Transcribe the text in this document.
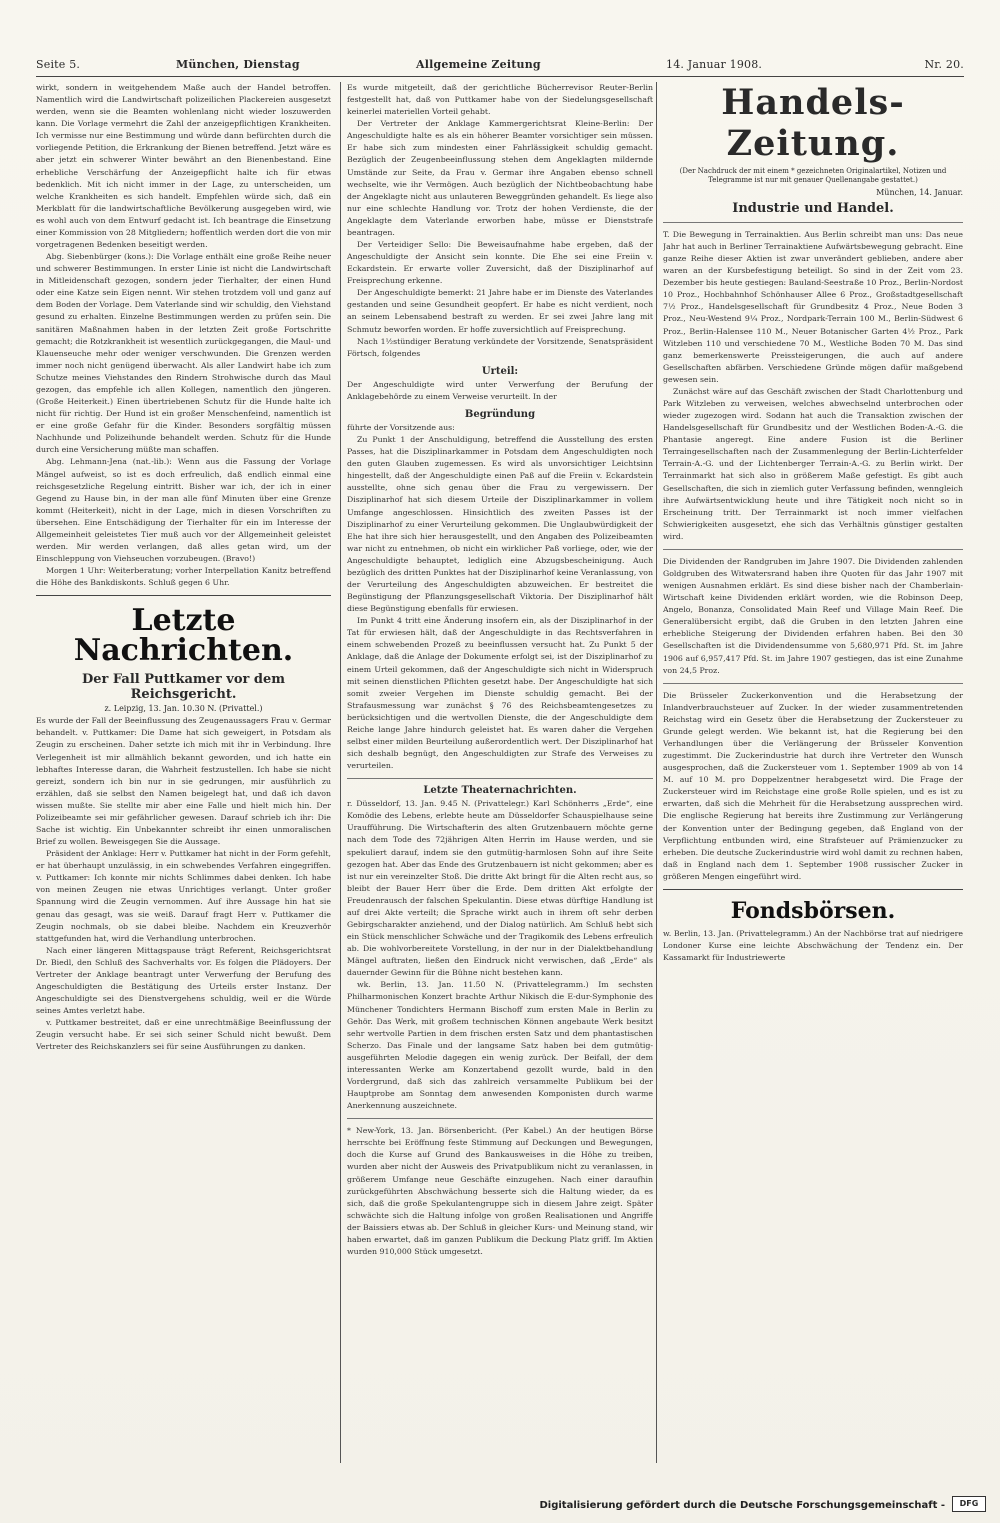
Seite 5.	München, Dienstag	Allgemeine Zeitung	14. Januar 1908.	Nr. 20.

wirkt, sondern in weitgehendem Maße auch der Handel betroffen. Namentlich wird die Landwirtschaft polizeilichen Plackereien ausgesetzt werden, wenn sie die Beamten wohlenlang nicht wieder loszuwerden kann. Die Vorlage vermehrt die Zahl der anzeigepflichtigen Krankheiten. Ich vermisse nur eine Bestimmung und würde dann befürchten durch die vorliegende Petition, die Erkrankung der Bienen betreffend. Jetzt wäre es aber jetzt ein schwerer Winter bewährt an den Bienenbestand. Eine erhebliche Verschärfung der Anzeigepflicht halte ich für etwas bedenklich. Mit ich nicht immer in der Lage, zu unterscheiden, um welche Krankheiten es sich handelt. Empfehlen würde sich, daß ein Merkblatt für die landwirtschaftliche Bevölkerung ausgegeben wird, wie es wohl auch von dem Entwurf gedacht ist. Ich beantrage die Einsetzung einer Kommission von 28 Mitgliedern; hoffentlich werden dort die von mir vorgetragenen Bedenken beseitigt werden.

Abg. Siebenbürger (kons.): Die Vorlage enthält eine große Reihe neuer und schwerer Bestimmungen. In erster Linie ist nicht die Landwirtschaft in Mitleidenschaft gezogen, sondern jeder Tierhalter, der einen Hund oder eine Katze sein Eigen nennt. Wir stehen trotzdem voll und ganz auf dem Boden der Vorlage. Dem Vaterlande sind wir schuldig, den Viehstand gesund zu erhalten. Einzelne Bestimmungen werden zu prüfen sein. Die sanitären Maßnahmen haben in der letzten Zeit große Fortschritte gemacht; die Rotzkrankheit ist wesentlich zurückgegangen, die Maul- und Klauenseuche mehr oder weniger verschwunden. Die Grenzen werden immer noch nicht genügend überwacht. Als aller Landwirt habe ich zum Schutze meines Viehstandes den Rindern Strohwische durch das Maul gezogen, das empfehle ich allen Kollegen, namentlich den jüngeren. (Große Heiterkeit.) Einen übertriebenen Schutz für die Hunde halte ich nicht für richtig. Der Hund ist ein großer Menschenfeind, namentlich ist er eine große Gefahr für die Kinder. Besonders sorgfältig müssen Nachhunde und Polizeihunde behandelt werden. Schutz für die Hunde durch eine Versicherung müßte man schaffen.

Abg. Lehmann-Jena (nat.-lib.): Wenn aus die Fassung der Vorlage Mängel aufweist, so ist es doch erfreulich, daß endlich einmal eine reichsgesetzliche Regelung eintritt. Bisher war ich, der ich in einer Gegend zu Hause bin, in der man alle fünf Minuten über eine Grenze kommt (Heiterkeit), nicht in der Lage, mich in diesen Vorschriften zu übersehen. Eine Entschädigung der Tierhalter für ein im Interesse der Allgemeinheit geleistetes Tier muß auch vor der Allgemeinheit geleistet werden. Mir werden verlangen, daß alles getan wird, um der Einschleppung von Viehseuchen vorzubeugen. (Bravo!)

Morgen 1 Uhr: Weiterberatung; vorher Interpellation Kanitz betreffend die Höhe des Bankdiskonts. Schluß gegen 6 Uhr.

Letzte Nachrichten.
Der Fall Puttkamer vor dem Reichsgericht.
z. Leipzig, 13. Jan. 10.30 N. (Privattel.)

Es wurde der Fall der Beeinflussung des Zeugenaussagers Frau v. Germar behandelt. v. Puttkamer: Die Dame hat sich geweigert, in Potsdam als Zeugin zu erscheinen. Daher setzte ich mich mit ihr in Verbindung. Ihre Verlegenheit ist mir allmählich bekannt geworden, und ich hatte ein lebhaftes Interesse daran, die Wahrheit festzustellen. Ich habe sie nicht gereizt, sondern ich bin nur in sie gedrungen, mir ausführlich zu erzählen, daß sie selbst den Namen beigelegt hat, und daß ich davon wissen mußte. Sie stellte mir aber eine Falle und hielt mich hin. Der Polizeibeamte sei mir gefährlicher gewesen. Darauf schrieb ich ihr: Die Sache ist wichtig. Ein Unbekannter schreibt ihr einen unmoralischen Brief zu wollen. Beweisgegen Sie die Aussage.

Präsident der Anklage: Herr v. Puttkamer hat nicht in der Form gefehlt, er hat überhaupt unzulässig, in ein schwebendes Verfahren eingegriffen. v. Puttkamer: Ich konnte mir nichts Schlimmes dabei denken. Ich habe von meinen Zeugen nie etwas Unrichtiges verlangt. Unter großer Spannung wird die Zeugin vernommen. Auf ihre Aussage hin hat sie genau das gesagt, was sie weiß. Darauf fragt Herr v. Puttkamer die Zeugin nochmals, ob sie dabei bleibe. Nachdem ein Kreuzverhör stattgefunden hat, wird die Verhandlung unterbrochen.

Nach einer längeren Mittagspause trägt Referent, Reichsgerichtsrat Dr. Biedl, den Schluß des Sachverhalts vor. Es folgen die Plädoyers. Der Vertreter der Anklage beantragt unter Verwerfung der Berufung des Angeschuldigten die Bestätigung des Urteils erster Instanz. Der Angeschuldigte sei des Dienstvergehens schuldig, weil er die Würde seines Amtes verletzt habe.

v. Puttkamer bestreitet, daß er eine unrechtmäßige Beeinflussung der Zeugin versucht habe. Er sei sich seiner Schuld nicht bewußt. Dem Vertreter des Reichskanzlers sei für seine Ausführungen zu danken.

Es wurde mitgeteilt, daß der gerichtliche Bücherrevisor Reuter-Berlin festgestellt hat, daß von Puttkamer habe von der Siedelungsgesellschaft keinerlei materiellen Vorteil gehabt.

Der Vertreter der Anklage Kammergerichtsrat Kleine-Berlin: Der Angeschuldigte halte es als ein höherer Beamter vorsichtiger sein müssen. Er habe sich zum mindesten einer Fahrlässigkeit schuldig gemacht. Bezüglich der Zeugenbeeinflussung stehen dem Angeklagten mildernde Umstände zur Seite, da Frau v. Germar ihre Angaben ebenso schnell wechselte, wie ihr Vermögen. Auch bezüglich der Nichtbeobachtung habe der Angeklagte nicht aus unlauteren Beweggründen gehandelt. Es liege also nur eine schlechte Handlung vor. Trotz der hohen Verdienste, die der Angeklagte dem Vaterlande erworben habe, müsse er Dienststrafe beantragen.

Der Verteidiger Sello: Die Beweisaufnahme habe ergeben, daß der Angeschuldigte der Ansicht sein konnte. Die Ehe sei eine Freiin v. Eckardstein. Er erwarte voller Zuversicht, daß der Disziplinarhof auf Freisprechung erkenne.

Der Angeschuldigte bemerkt: 21 Jahre habe er im Dienste des Vaterlandes gestanden und seine Gesundheit geopfert. Er habe es nicht verdient, noch an seinem Lebensabend bestraft zu werden. Er sei zwei Jahre lang mit Schmutz beworfen worden. Er hoffe zuversichtlich auf Freisprechung.

Nach 1½stündiger Beratung verkündete der Vorsitzende, Senatspräsident Förtsch, folgendes

Urteil:

Der Angeschuldigte wird unter Verwerfung der Berufung der Anklagebehörde zu einem Verweise verurteilt. In der

Begründung

führte der Vorsitzende aus:

Zu Punkt 1 der Anschuldigung, betreffend die Ausstellung des ersten Passes, hat die Disziplinarkammer in Potsdam dem Angeschuldigten noch den guten Glauben zugemessen. Es wird als unvorsichtiger Leichtsinn hingestellt, daß der Angeschuldigte einen Paß auf die Freiin v. Eckardstein ausstellte, ohne sich genau über die Frau zu vergewissern. Der Disziplinarhof hat sich diesem Urteile der Disziplinarkammer in vollem Umfange angeschlossen. Hinsichtlich des zweiten Passes ist der Disziplinarhof zu einer Verurteilung gekommen. Die Unglaubwürdigkeit der Ehe hat ihre sich hier herausgestellt, und den Angaben des Polizeibeamten war nicht zu entnehmen, ob nicht ein wirklicher Paß vorliege, oder, wie der Angeschuldigte behauptet, lediglich eine Abzugsbescheinigung. Auch bezüglich des dritten Punktes hat der Disziplinarhof keine Veranlassung, von der Verurteilung des Angeschuldigten abzuweichen. Er bestreitet die Begünstigung der Pflanzungsgesellschaft Viktoria. Der Disziplinarhof hält diese Begünstigung ebenfalls für erwiesen.

Im Punkt 4 tritt eine Änderung insofern ein, als der Disziplinarhof in der Tat für erwiesen hält, daß der Angeschuldigte in das Rechtsverfahren in einem schwebenden Prozeß zu beeinflussen versucht hat. Zu Punkt 5 der Anklage, daß die Anlage der Dokumente erfolgt sei, ist der Disziplinarhof zu einem Urteil gekommen, daß der Angeschuldigte sich nicht in Widerspruch mit seinen dienstlichen Pflichten gesetzt habe. Der Angeschuldigte hat sich somit zweier Vergehen im Dienste schuldig gemacht. Bei der Strafausmessung war zunächst § 76 des Reichsbeamtengesetzes zu berücksichtigen und die wertvollen Dienste, die der Angeschuldigte dem Reiche lange Jahre hindurch geleistet hat. Es waren daher die Vergehen selbst einer milden Beurteilung außerordentlich wert. Der Disziplinarhof hat sich deshalb begnügt, den Angeschuldigten zur Strafe des Verweises zu verurteilen.

Letzte Theaternachrichten.

r. Düsseldorf, 13. Jan. 9.45 N. (Privattelegr.) Karl Schönherrs „Erde“, eine Komödie des Lebens, erlebte heute am Düsseldorfer Schauspielhause seine Uraufführung. Die Wirtschafterin des alten Grutzenbauern möchte gerne nach dem Tode des 72jährigen Alten Herrin im Hause werden, und sie spekuliert darauf, indem sie den gutmütig-harmlosen Sohn auf ihre Seite gezogen hat. Aber das Ende des Grutzenbauern ist nicht gekommen; aber es ist nur ein vereinzelter Stoß. Die dritte Akt bringt für die Alten recht aus, so bleibt der Bauer Herr über die Erde. Dem dritten Akt erfolgte der Freudenrausch der falschen Spekulantin. Diese etwas dürftige Handlung ist auf drei Akte verteilt; die Sprache wirkt auch in ihrem oft sehr derben Gebirgscharakter anziehend, und der Dialog natürlich. Am Schluß hebt sich ein Stück menschlicher Schwäche und der Tragikomik des Lebens erfreulich ab. Die wohlvorbereitete Vorstellung, in der nur in der Dialektbehandlung Mängel auftraten, ließen den Eindruck nicht verwischen, daß „Erde“ als dauernder Gewinn für die Bühne nicht bestehen kann.

wk. Berlin, 13. Jan. 11.50 N. (Privattelegramm.) Im sechsten Philharmonischen Konzert brachte Arthur Nikisch die E-dur-Symphonie des Münchener Tondichters Hermann Bischoff zum ersten Male in Berlin zu Gehör. Das Werk, mit großem technischen Können angebaute Werk besitzt sehr wertvolle Partien in dem frischen ersten Satz und dem phantastischen Scherzo. Das Finale und der langsame Satz haben bei dem gutmütig-ausgeführten Melodie dagegen ein wenig zurück. Der Beifall, der dem interessanten Werke am Konzertabend gezollt wurde, bald in den Vordergrund, daß sich das zahlreich versammelte Publikum bei der Hauptprobe am Sonntag dem anwesenden Komponisten durch warme Anerkennung auszeichnete.

* New-York, 13. Jan. Börsenbericht. (Per Kabel.) An der heutigen Börse herrschte bei Eröffnung feste Stimmung auf Deckungen und Bewegungen, doch die Kurse auf Grund des Bankausweises in die Höhe zu treiben, wurden aber nicht der Ausweis des Privatpublikum nicht zu veranlassen, in größerem Umfange neue Geschäfte einzugehen. Nach einer daraufhin zurückgeführten Abschwächung besserte sich die Haltung wieder, da es sich, daß die große Spekulantengruppe sich in diesem Jahre zeigt. Später schwächte sich die Haltung infolge von großen Realisationen und Angriffe der Baissiers etwas ab. Der Schluß in gleicher Kurs- und Meinung stand, wir haben erwartet, daß im ganzen Publikum die Deckung Platz griff. Im Aktien wurden 910,000 Stück umgesetzt.

Handels-Zeitung.
(Der Nachdruck der mit einem * gezeichneten Originalartikel, Notizen und Telegramme ist nur mit genauer Quellenangabe gestattet.)
München, 14. Januar.
Industrie und Handel.

T. Die Bewegung in Terrainaktien. Aus Berlin schreibt man uns: Das neue Jahr hat auch in Berliner Terrainaktiene Aufwärtsbewegung gebracht. Eine ganze Reihe dieser Aktien ist zwar unverändert geblieben, andere aber waren an der Kursbefestigung beteiligt. So sind in der Zeit vom 23. Dezember bis heute gestiegen: Bauland-Seestraße 10 Proz., Berlin-Nordost 10 Proz., Hochbahnhof Schönhauser Allee 6 Proz., Großstadtgesellschaft 7½ Proz., Handelsgesellschaft für Grundbesitz 4 Proz., Neue Boden 3 Proz., Neu-Westend 9¼ Proz., Nordpark-Terrain 100 M., Berlin-Südwest 6 Proz., Berlin-Halensee 110 M., Neuer Botanischer Garten 4½ Proz., Park Witzleben 110 und verschiedene 70 M., Westliche Boden 70 M. Das sind ganz bemerkenswerte Preissteigerungen, die auch auf andere Gesellschaften abfärben. Verschiedene Gründe mögen dafür maßgebend gewesen sein.

Zunächst wäre auf das Geschäft zwischen der Stadt Charlottenburg und Park Witzleben zu verweisen, welches abwechselnd unterbrochen oder wieder zugezogen wird. Sodann hat auch die Transaktion zwischen der Handelsgesellschaft für Grundbesitz und der Westlichen Boden-A.-G. die Phantasie angeregt. Eine andere Fusion ist die Berliner Terraingesellschaften nach der Zusammenlegung der Berlin-Lichterfelder Terrain-A.-G. und der Lichtenberger Terrain-A.-G. zu Berlin wirkt. Der Terrainmarkt hat sich also in größerem Maße gefestigt. Es gibt auch Gesellschaften, die sich in ziemlich guter Verfassung befinden, wenngleich ihre Aufwärtsentwicklung heute und ihre Tätigkeit noch nicht so in Erscheinung tritt. Der Terrainmarkt ist noch immer vielfachen Schwierigkeiten ausgesetzt, ehe sich das Verhältnis günstiger gestalten wird.

Die Dividenden der Randgruben im Jahre 1907. Die Dividenden zahlenden Goldgruben des Witwatersrand haben ihre Quoten für das Jahr 1907 mit wenigen Ausnahmen erklärt. Es sind diese bisher nach der Chamberlain-Wirtschaft keine Dividenden erklärt worden, wie die Robinson Deep, Angelo, Bonanza, Consolidated Main Reef und Village Main Reef. Die Generalübersicht ergibt, daß die Gruben in den letzten Jahren eine erhebliche Steigerung der Dividenden erfahren haben. Bei den 30 Gesellschaften ist die Dividendensumme von 5,680,971 Pfd. St. im Jahre 1906 auf 6,957,417 Pfd. St. im Jahre 1907 gestiegen, das ist eine Zunahme von 24,5 Proz.

Die Brüsseler Zuckerkonvention und die Herabsetzung der Inlandverbrauchsteuer auf Zucker. In der wieder zusammentretenden Reichstag wird ein Gesetz über die Herabsetzung der Zuckersteuer zu Grunde gelegt werden. Wie bekannt ist, hat die Regierung bei den Verhandlungen über die Verlängerung der Brüsseler Konvention zugestimmt. Die Zuckerindustrie hat durch ihre Vertreter den Wunsch ausgesprochen, daß die Zuckersteuer vom 1. September 1909 ab von 14 M. auf 10 M. pro Doppelzentner herabgesetzt wird. Die Frage der Zuckersteuer wird im Reichstage eine große Rolle spielen, und es ist zu erwarten, daß sich die Mehrheit für die Herabsetzung aussprechen wird. Die englische Regierung hat bereits ihre Zustimmung zur Verlängerung der Konvention unter der Bedingung gegeben, daß England von der Verpflichtung entbunden wird, eine Strafsteuer auf Prämienzucker zu erheben. Die deutsche Zuckerindustrie wird wohl damit zu rechnen haben, daß in England nach dem 1. September 1908 russischer Zucker in größeren Mengen eingeführt wird.

Fondsbörsen.

w. Berlin, 13. Jan. (Privattelegramm.) An der Nachbörse trat auf niedrigere Londoner Kurse eine leichte Abschwächung der Tendenz ein. Der Kassamarkt für Industriewerte

Digitalisierung gefördert durch die Deutsche Forschungsgemeinschaft -	DFG
